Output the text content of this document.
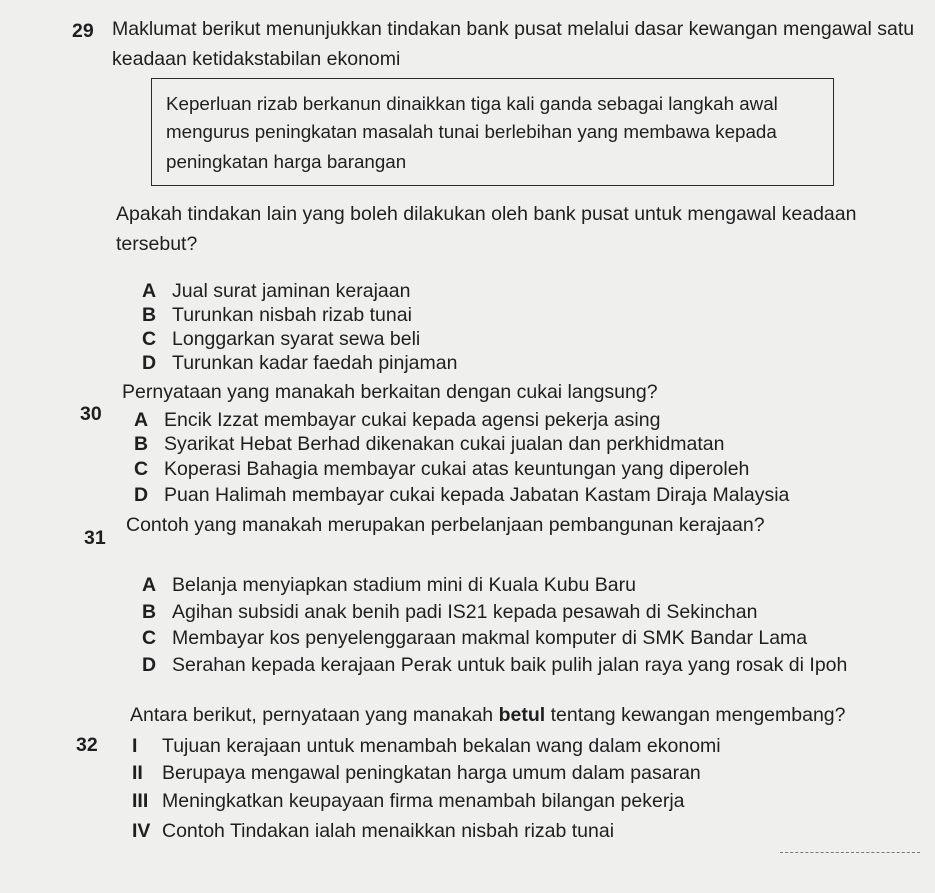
29 Maklumat berikut menunjukkan tindakan bank pusat melalui dasar kewangan mengawal satu

keadaan ketidakstabilan ekonomi

Keperluan rizab berkanun dinaikkan tiga kali ganda sebagai langkah awal

mengurus peningkatan masalah tunai berlebihan yang membawa kepada

peningkatan harga barangan

Apakah tindakan lain yang boleh dilakukan oleh bank pusat untuk mengawal keadaan

tersebut?

A Jual surat jaminan kerajaan
B Turunkan nisbah rizab tunai
C Longgarkan syarat sewa beli
D Turunkan kadar faedah pinjaman
30

Pernyataan yang manakah berkaitan dengan cukai langsung?

A Encik Izzat membayar cukai kepada agensi pekerja asing
B Syarikat Hebat Berhad dikenakan cukai jualan dan perkhidmatan
C Koperasi Bahagia membayar cukai atas keuntungan yang diperoleh
D Puan Halimah membayar cukai kepada Jabatan Kastam Diraja Malaysia
31

Contoh yang manakah merupakan perbelanjaan pembangunan kerajaan?

A Belanja menyiapkan stadium mini di Kuala Kubu Baru
B Agihan subsidi anak benih padi IS21 kepada pesawah di Sekinchan
C Membayar kos penyelenggaraan makmal komputer di SMK Bandar Lama
D Serahan kepada kerajaan Perak untuk baik pulih jalan raya yang rosak di Ipoh
32

Antara berikut, pernyataan yang manakah betul tentang kewangan mengembang?

I Tujuan kerajaan untuk menambah bekalan wang dalam ekonomi
II Berupaya mengawal peningkatan harga umum dalam pasaran
III Meningkatkan keupayaan firma menambah bilangan pekerja
IV Contoh Tindakan ialah menaikkan nisbah rizab tunai
